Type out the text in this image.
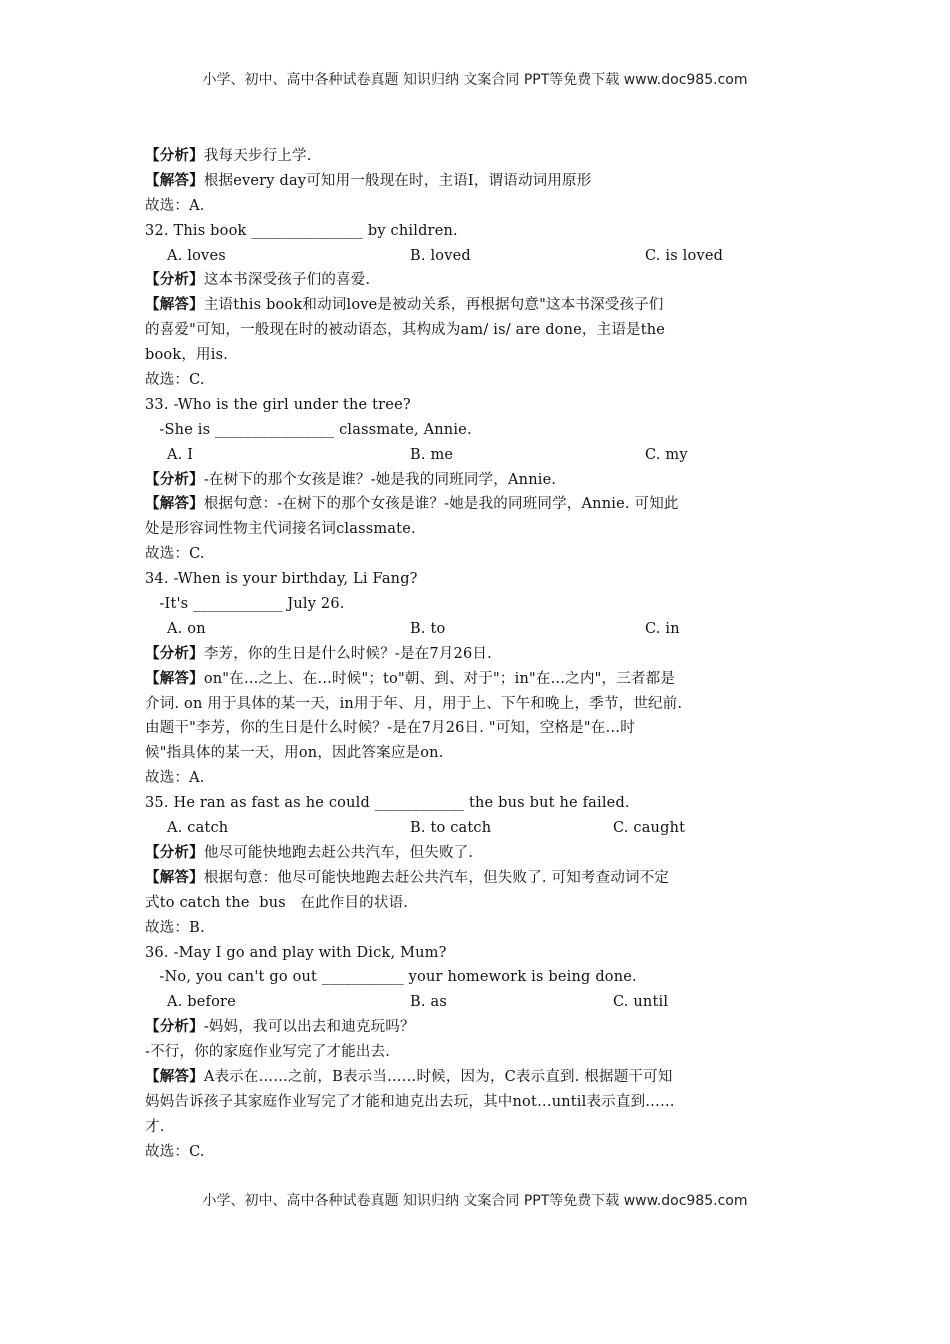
小学、初中、高中各种试卷真题 知识归纳 文案合同 PPT等免费下载 www.doc985.com
【分析】我每天步行上学.
【解答】根据every day可知用一般现在时，主语I，谓语动词用原形
故选：A.
32. This book _______________ by children.
A. loves	B. loved	C. is loved
【分析】这本书深受孩子们的喜爱.
【解答】主语this book和动词love是被动关系，再根据句意"这本书深受孩子们
的喜爱"可知，一般现在时的被动语态，其构成为am/ is/ are done，主语是the
book，用is.
故选：C.
33. -Who is the girl under the tree?
-She is ________________ classmate, Annie.
A. I	B. me	C. my
【分析】-在树下的那个女孩是谁？-她是我的同班同学，Annie.
【解答】根据句意：-在树下的那个女孩是谁？-她是我的同班同学，Annie. 可知此
处是形容词性物主代词接名词classmate.
故选：C.
34. -When is your birthday, Li Fang?
-It's ____________ July 26.
A. on	B. to	C. in
【分析】李芳，你的生日是什么时候？-是在7月26日.
【解答】on"在…之上、在…时候"；to"朝、到、对于"；in"在…之内"，三者都是
介词. on 用于具体的某一天，in用于年、月，用于上、下午和晚上，季节，世纪前.
由题干"李芳，你的生日是什么时候？-是在7月26日. "可知，空格是"在…时
候"指具体的某一天，用on，因此答案应是on.
故选：A.
35. He ran as fast as he could ____________ the bus but he failed.
A. catch	B. to catch	C. caught
【分析】他尽可能快地跑去赶公共汽车，但失败了.
【解答】根据句意：他尽可能快地跑去赶公共汽车，但失败了. 可知考查动词不定
式to catch the  bus   在此作目的状语.
故选：B.
36. -May I go and play with Dick, Mum?
-No, you can't go out ___________ your homework is being done.
A. before	B. as	C. until
【分析】-妈妈，我可以出去和迪克玩吗？
-不行，你的家庭作业写完了才能出去.
【解答】A表示在……之前，B表示当……时候，因为，C表示直到. 根据题干可知
妈妈告诉孩子其家庭作业写完了才能和迪克出去玩，其中not…until表示直到……
才.
故选：C.
小学、初中、高中各种试卷真题 知识归纳 文案合同 PPT等免费下载 www.doc985.com
